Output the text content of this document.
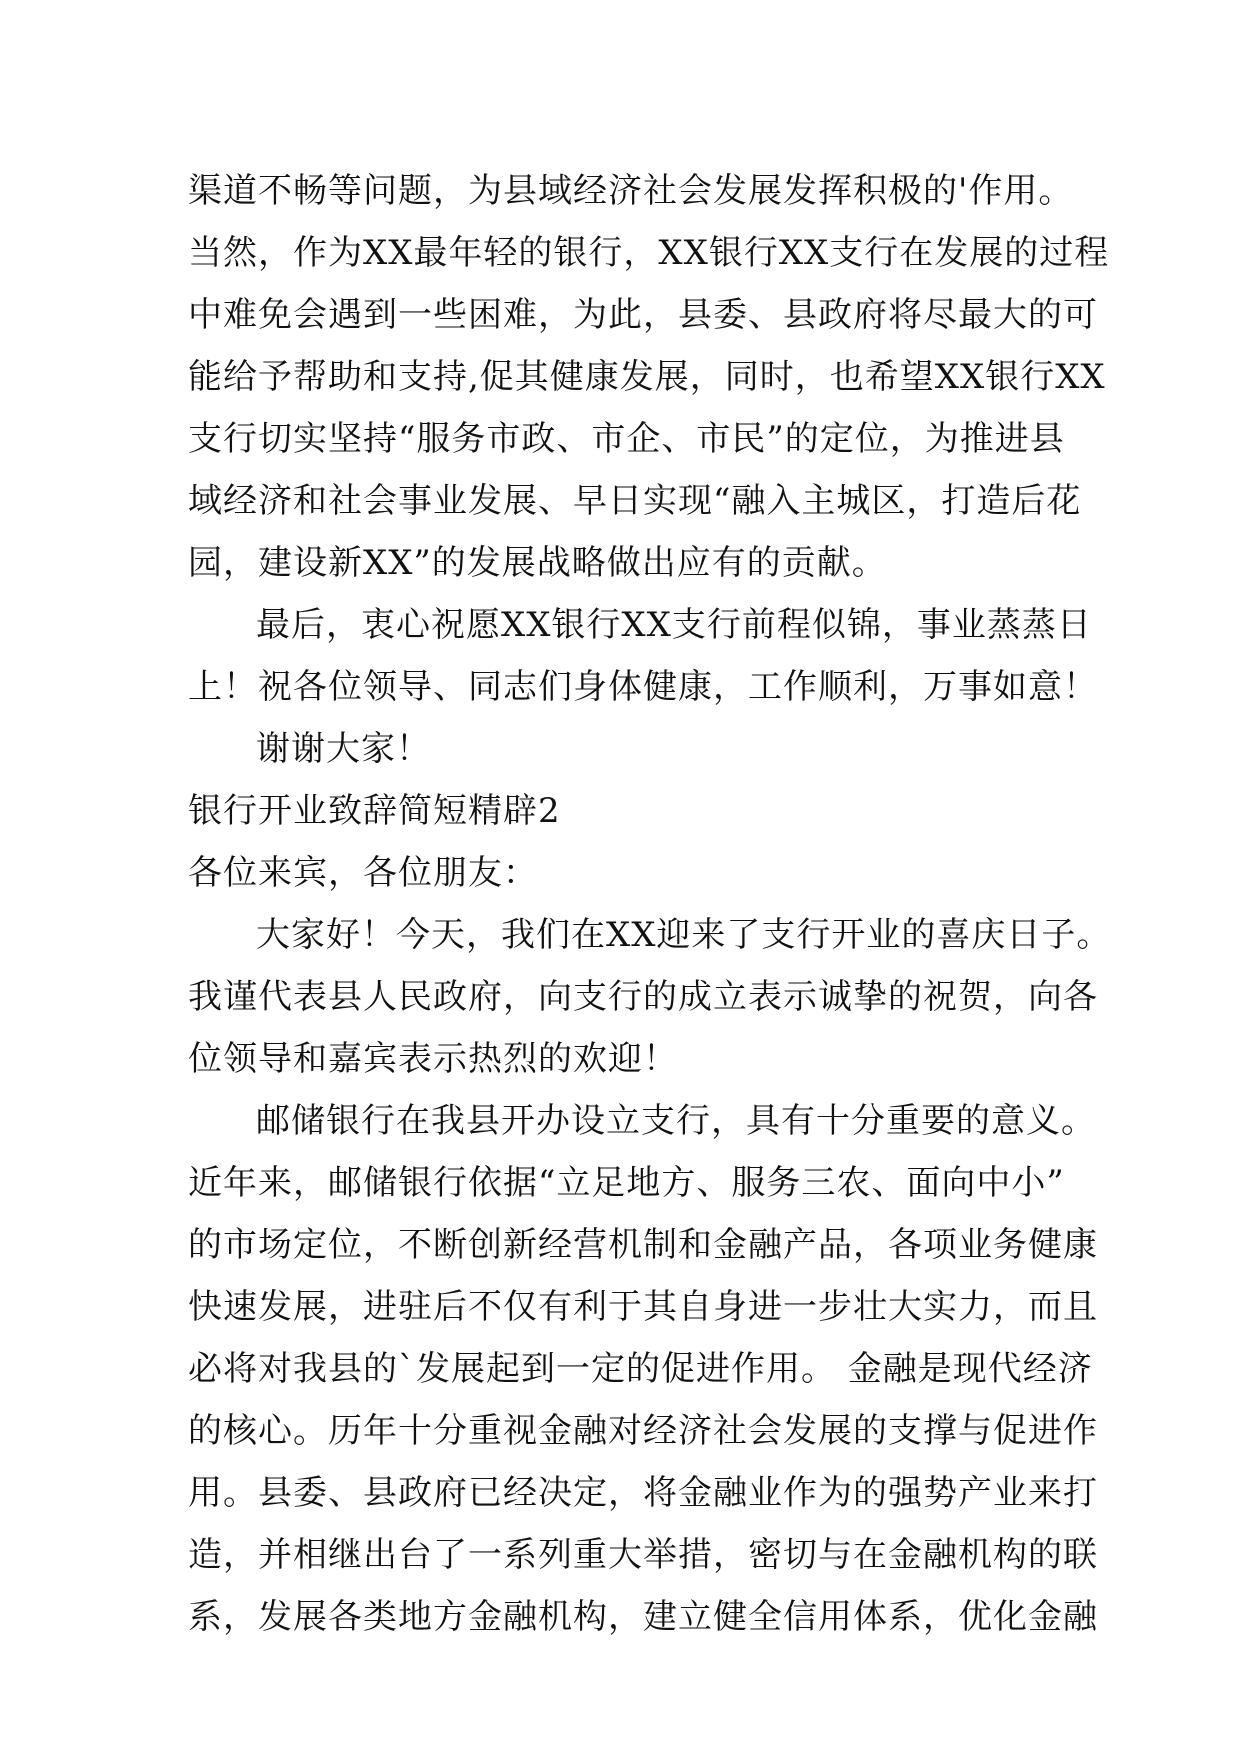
渠道不畅等问题，为县域经济社会发展发挥积极的'作用。
当然，作为XX最年轻的银行，XX银行XX支行在发展的过程
中难免会遇到一些困难，为此，县委、县政府将尽最大的可
能给予帮助和支持,促其健康发展，同时，也希望XX银行XX
支行切实坚持“服务市政、市企、市民”的定位，为推进县
域经济和社会事业发展、早日实现“融入主城区，打造后花
园，建设新XX”的发展战略做出应有的贡献。
最后，衷心祝愿XX银行XX支行前程似锦，事业蒸蒸日
上！祝各位领导、同志们身体健康，工作顺利，万事如意！
谢谢大家！
银行开业致辞简短精辟2
各位来宾，各位朋友：
大家好！今天，我们在XX迎来了支行开业的喜庆日子。
我谨代表县人民政府，向支行的成立表示诚挚的祝贺，向各
位领导和嘉宾表示热烈的欢迎！
邮储银行在我县开办设立支行，具有十分重要的意义。
近年来，邮储银行依据“立足地方、服务三农、面向中小”
的市场定位，不断创新经营机制和金融产品，各项业务健康
快速发展，进驻后不仅有利于其自身进一步壮大实力，而且
必将对我县的`发展起到一定的促进作用。 金融是现代经济
的核心。历年十分重视金融对经济社会发展的支撑与促进作
用。县委、县政府已经决定，将金融业作为的强势产业来打
造，并相继出台了一系列重大举措，密切与在金融机构的联
系，发展各类地方金融机构，建立健全信用体系，优化金融
